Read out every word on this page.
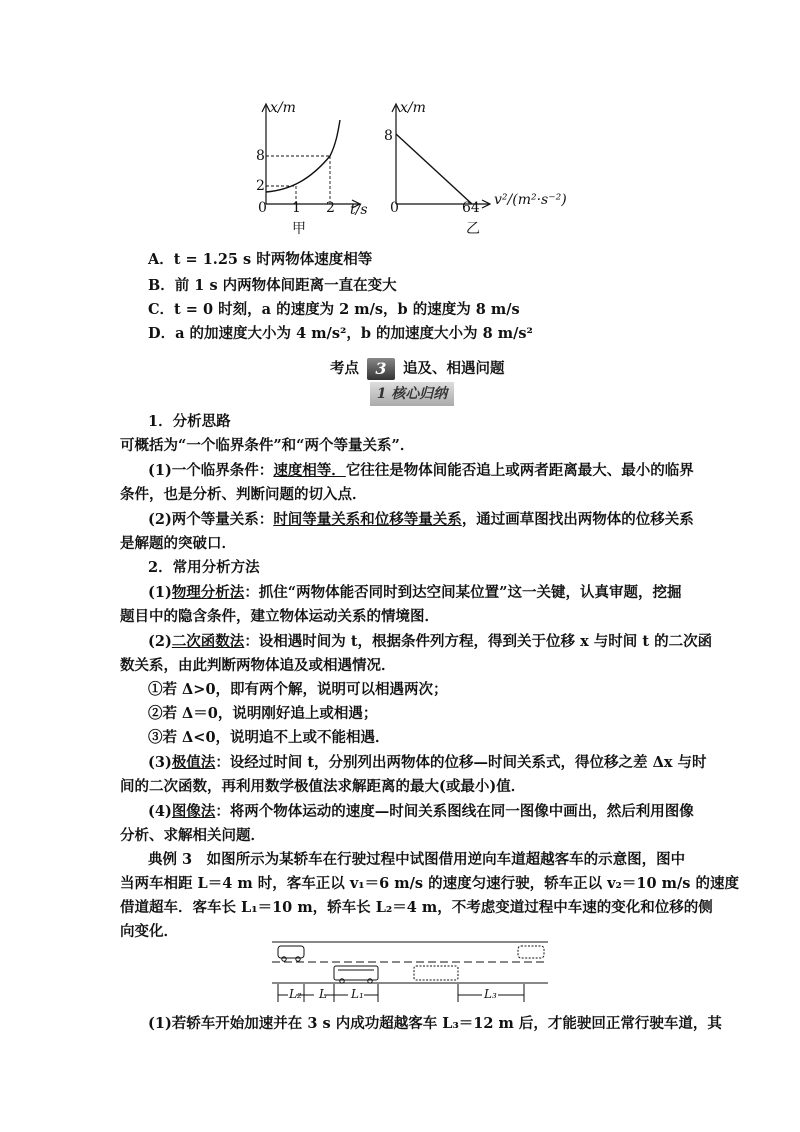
x/m
8
2
0 1 2 t/s
甲
x/m
8
0	64 v²/(m²·s⁻²)
乙
A．t = 1.25 s 时两物体速度相等
B．前 1 s 内两物体间距离一直在变大
C．t = 0 时刻，a 的速度为 2 m/s，b 的速度为 8 m/s
D．a 的加速度大小为 4 m/s²，b 的加速度大小为 8 m/s²
考点 3 追及、相遇问题
1 核心归纳
1．分析思路
可概括为“一个临界条件”和“两个等量关系”．
(1)一个临界条件：速度相等．它往往是物体间能否追上或两者距离最大、最小的临界
条件，也是分析、判断问题的切入点．
(2)两个等量关系：时间等量关系和位移等量关系，通过画草图找出两物体的位移关系
是解题的突破口．
2．常用分析方法
(1)物理分析法：抓住“两物体能否同时到达空间某位置”这一关键，认真审题，挖掘
题目中的隐含条件，建立物体运动关系的情境图．
(2)二次函数法：设相遇时间为 t，根据条件列方程，得到关于位移 x 与时间 t 的二次函
数关系，由此判断两物体追及或相遇情况．
①若 Δ>0，即有两个解，说明可以相遇两次；
②若 Δ＝0，说明刚好追上或相遇；
③若 Δ<0，说明追不上或不能相遇．
(3)极值法：设经过时间 t，分别列出两物体的位移—时间关系式，得位移之差 Δx 与时
间的二次函数，再利用数学极值法求解距离的最大(或最小)值．
(4)图像法：将两个物体运动的速度—时间关系图线在同一图像中画出，然后利用图像
分析、求解相关问题．
典例 3　如图所示为某轿车在行驶过程中试图借用逆向车道超越客车的示意图，图中
当两车相距 L＝4 m 时，客车正以 v₁＝6 m/s 的速度匀速行驶，轿车正以 v₂＝10 m/s 的速度
借道超车．客车长 L₁＝10 m，轿车长 L₂＝4 m，不考虑变道过程中车速的变化和位移的侧
向变化．
L₂ L L₁	L₃
(1)若轿车开始加速并在 3 s 内成功超越客车 L₃＝12 m 后，才能驶回正常行驶车道，其
